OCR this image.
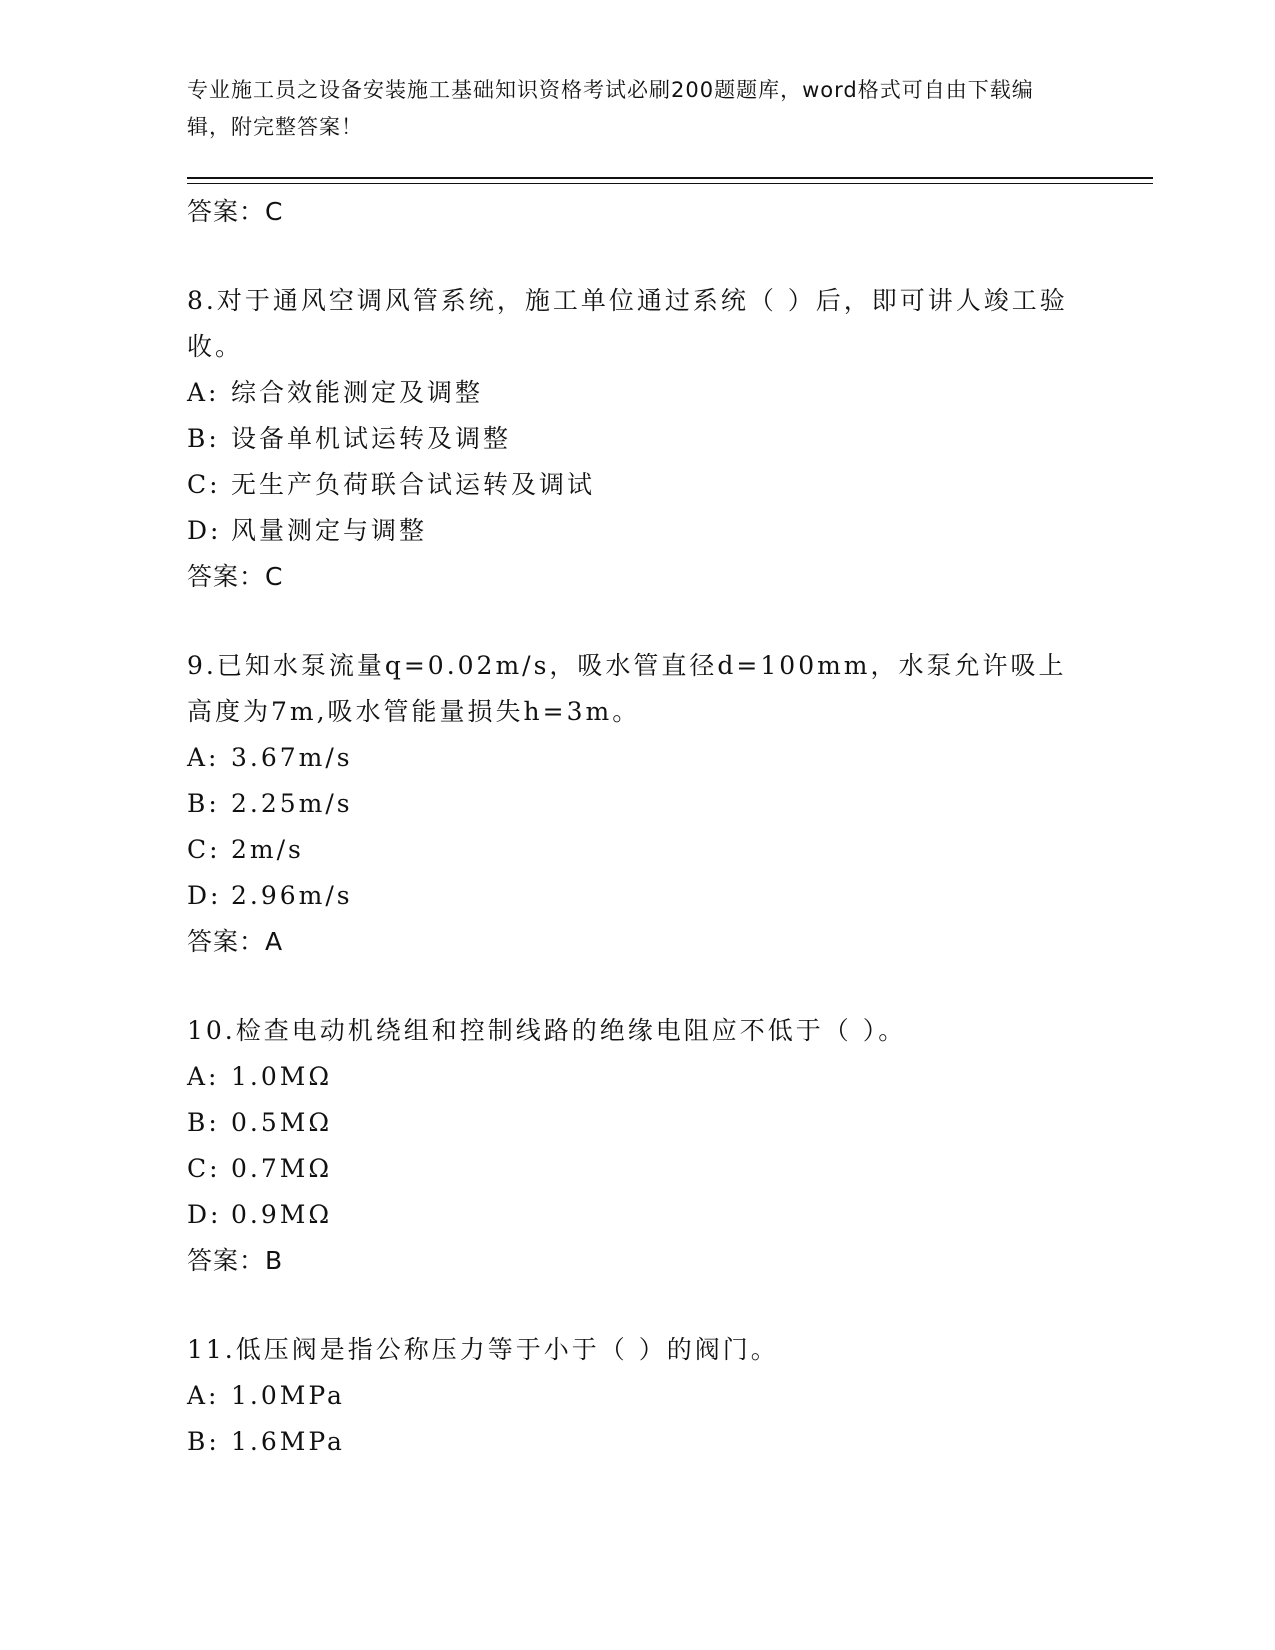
专业施工员之设备安装施工基础知识资格考试必刷200题题库，word格式可自由下载编辑，附完整答案！
答案：C
8.对于通风空调风管系统，施工单位通过系统（ ）后，即可讲人竣工验收。
A: 综合效能测定及调整
B: 设备单机试运转及调整
C: 无生产负荷联合试运转及调试
D: 风量测定与调整
答案：C
9.已知水泵流量q=0.02m/s，吸水管直径d=100mm，水泵允许吸上高度为7m,吸水管能量损失h=3m。
A: 3.67m/s
B: 2.25m/s
C: 2m/s
D: 2.96m/s
答案：A
10.检查电动机绕组和控制线路的绝缘电阻应不低于（ ）。
A: 1.0MΩ
B: 0.5MΩ
C: 0.7MΩ
D: 0.9MΩ
答案：B
11.低压阀是指公称压力等于小于（ ）的阀门。
A: 1.0MPa
B: 1.6MPa
